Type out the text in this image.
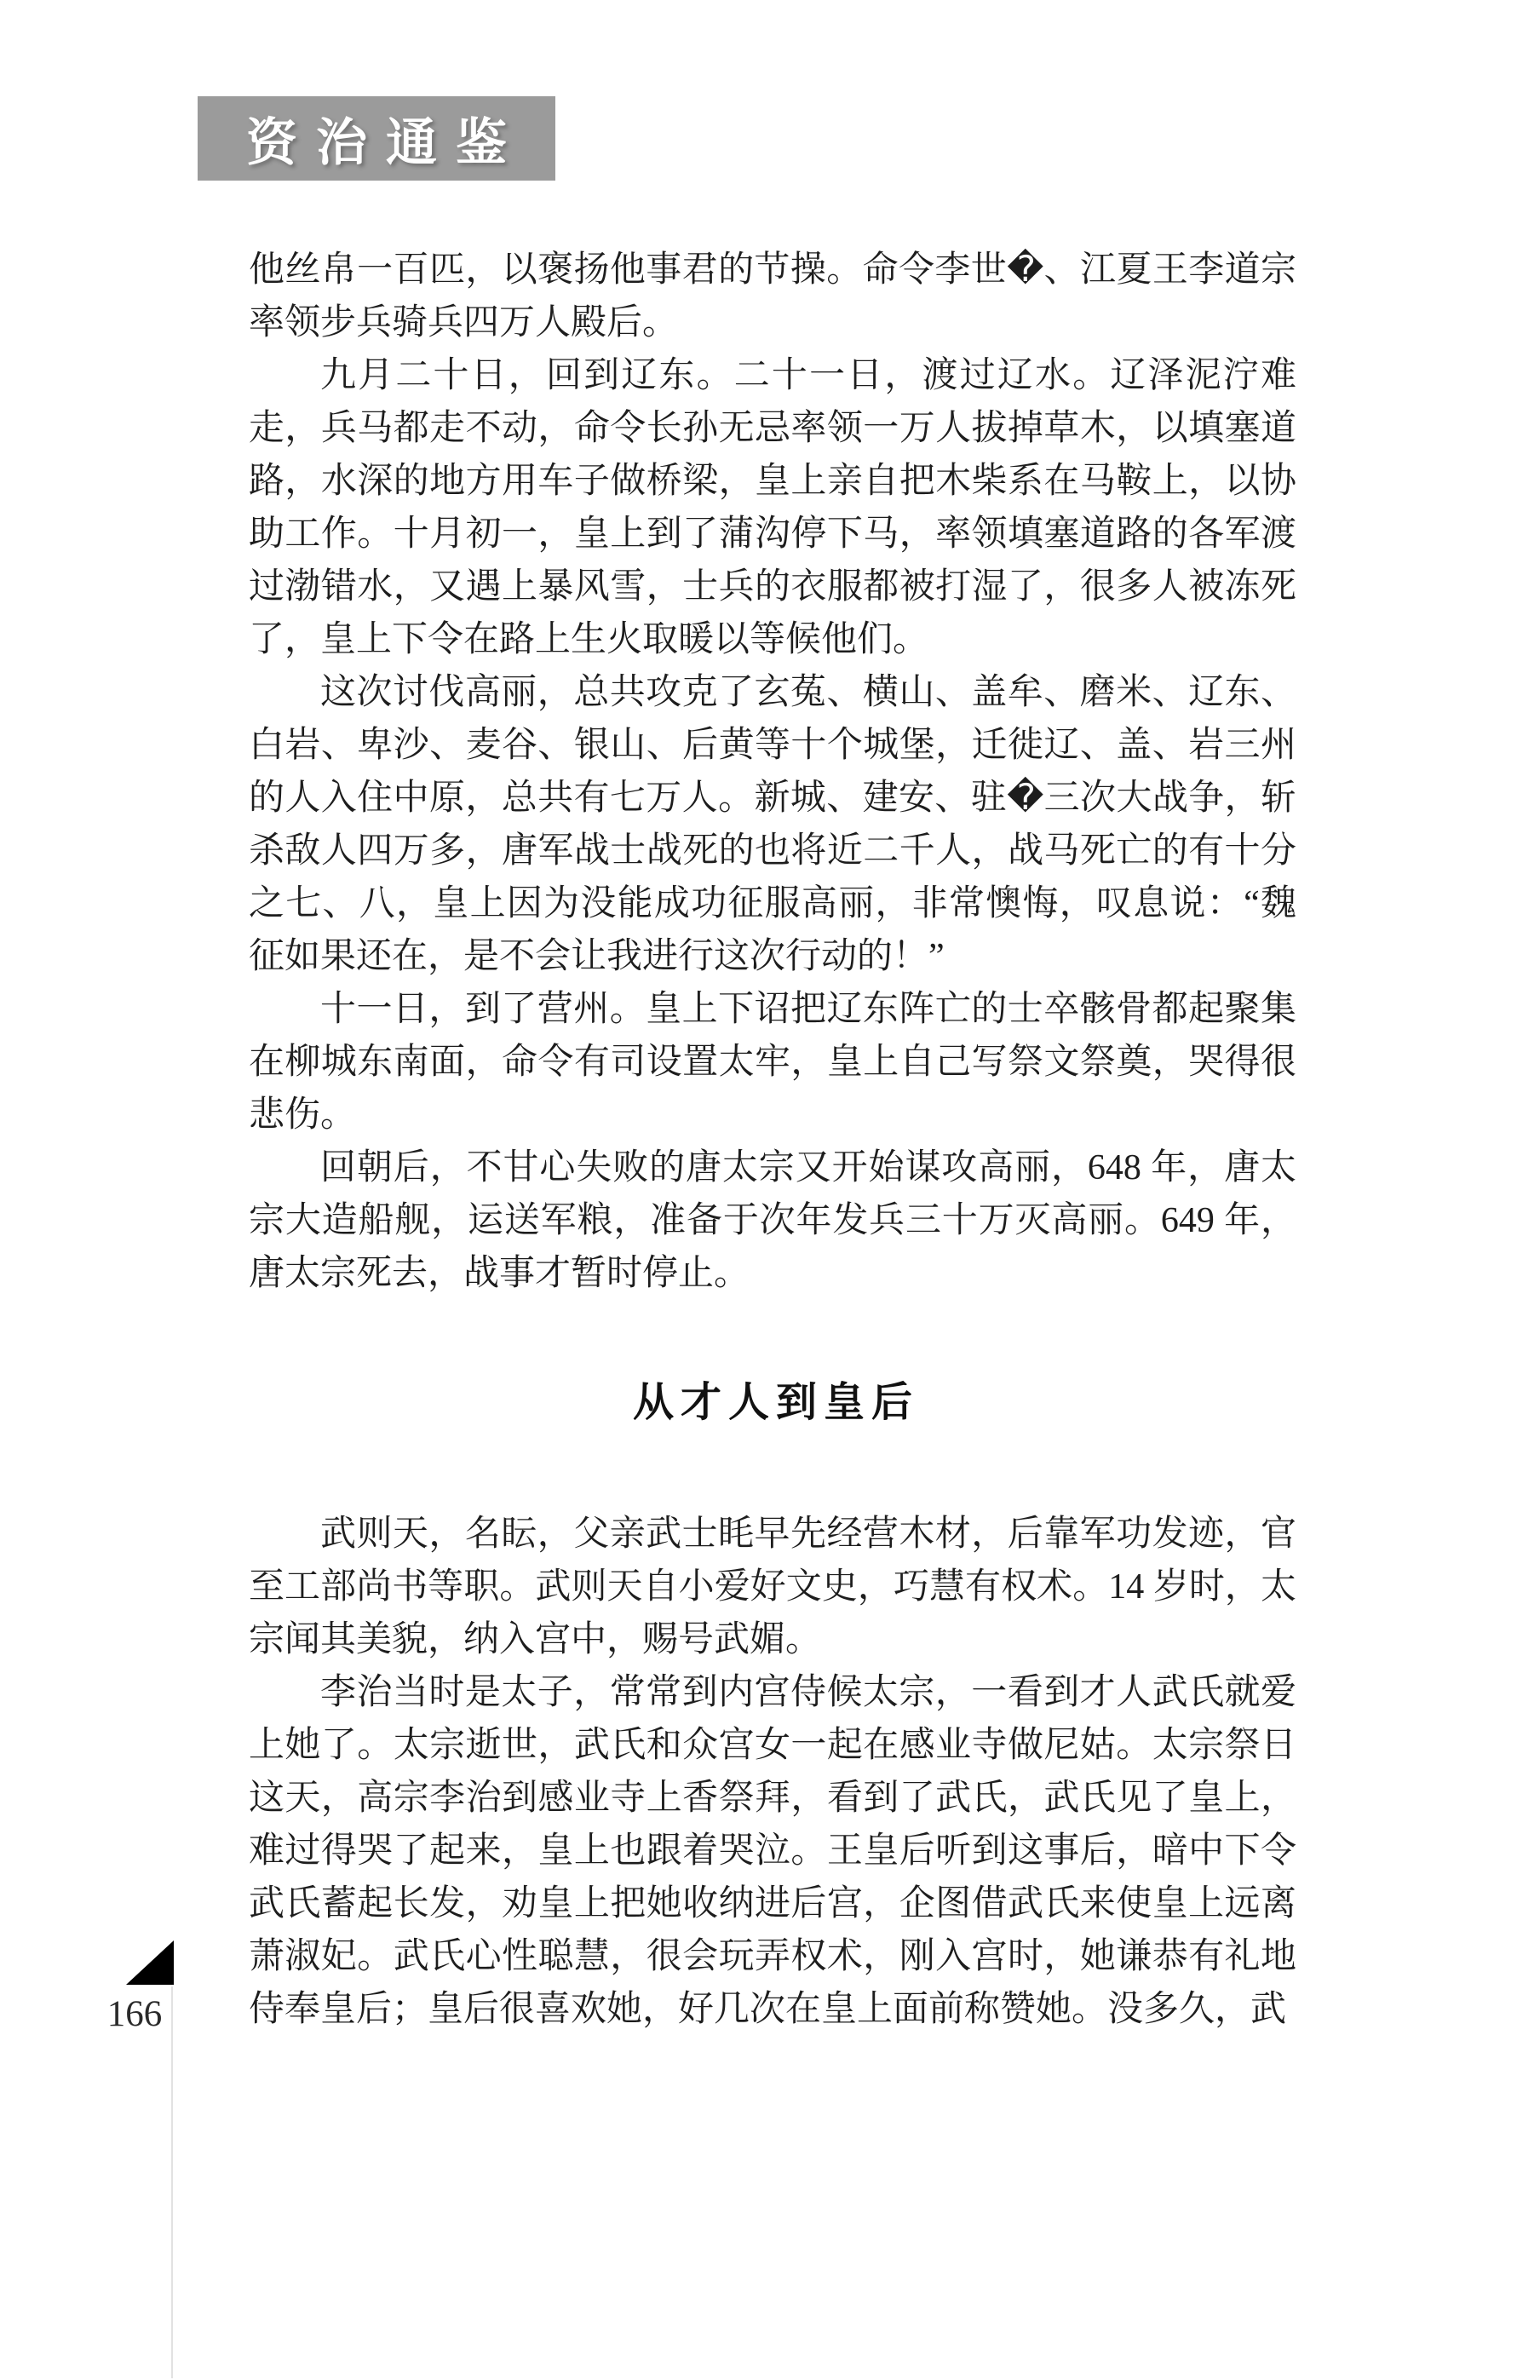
资治通鉴

他丝帛一百匹，以褒扬他事君的节操。命令李世�、江夏王李道宗率领步兵骑兵四万人殿后。

九月二十日，回到辽东。二十一日，渡过辽水。辽泽泥泞难走，兵马都走不动，命令长孙无忌率领一万人拔掉草木，以填塞道路，水深的地方用车子做桥梁，皇上亲自把木柴系在马鞍上，以协助工作。十月初一，皇上到了蒲沟停下马，率领填塞道路的各军渡过渤错水，又遇上暴风雪，士兵的衣服都被打湿了，很多人被冻死了，皇上下令在路上生火取暖以等候他们。

这次讨伐高丽，总共攻克了玄菟、横山、盖牟、磨米、辽东、白岩、卑沙、麦谷、银山、后黄等十个城堡，迁徙辽、盖、岩三州的人入住中原，总共有七万人。新城、建安、驻�三次大战争，斩杀敌人四万多，唐军战士战死的也将近二千人，战马死亡的有十分之七、八，皇上因为没能成功征服高丽，非常懊悔，叹息说：“魏征如果还在，是不会让我进行这次行动的！”

十一日，到了营州。皇上下诏把辽东阵亡的士卒骸骨都起聚集在柳城东南面，命令有司设置太牢，皇上自己写祭文祭奠，哭得很悲伤。

回朝后，不甘心失败的唐太宗又开始谋攻高丽，648 年，唐太宗大造船舰，运送军粮，准备于次年发兵三十万灭高丽。649 年，唐太宗死去，战事才暂时停止。

从才人到皇后

武则天，名眃，父亲武士眊早先经营木材，后靠军功发迹，官至工部尚书等职。武则天自小爱好文史，巧慧有权术。14 岁时，太宗闻其美貌，纳入宫中，赐号武媚。

李治当时是太子，常常到内宫侍候太宗，一看到才人武氏就爱上她了。太宗逝世，武氏和众宫女一起在感业寺做尼姑。太宗祭日这天，高宗李治到感业寺上香祭拜，看到了武氏，武氏见了皇上，难过得哭了起来，皇上也跟着哭泣。王皇后听到这事后，暗中下令武氏蓄起长发，劝皇上把她收纳进后宫，企图借武氏来使皇上远离萧淑妃。武氏心性聪慧，很会玩弄权术，刚入宫时，她谦恭有礼地侍奉皇后；皇后很喜欢她，好几次在皇上面前称赞她。没多久，武

166
